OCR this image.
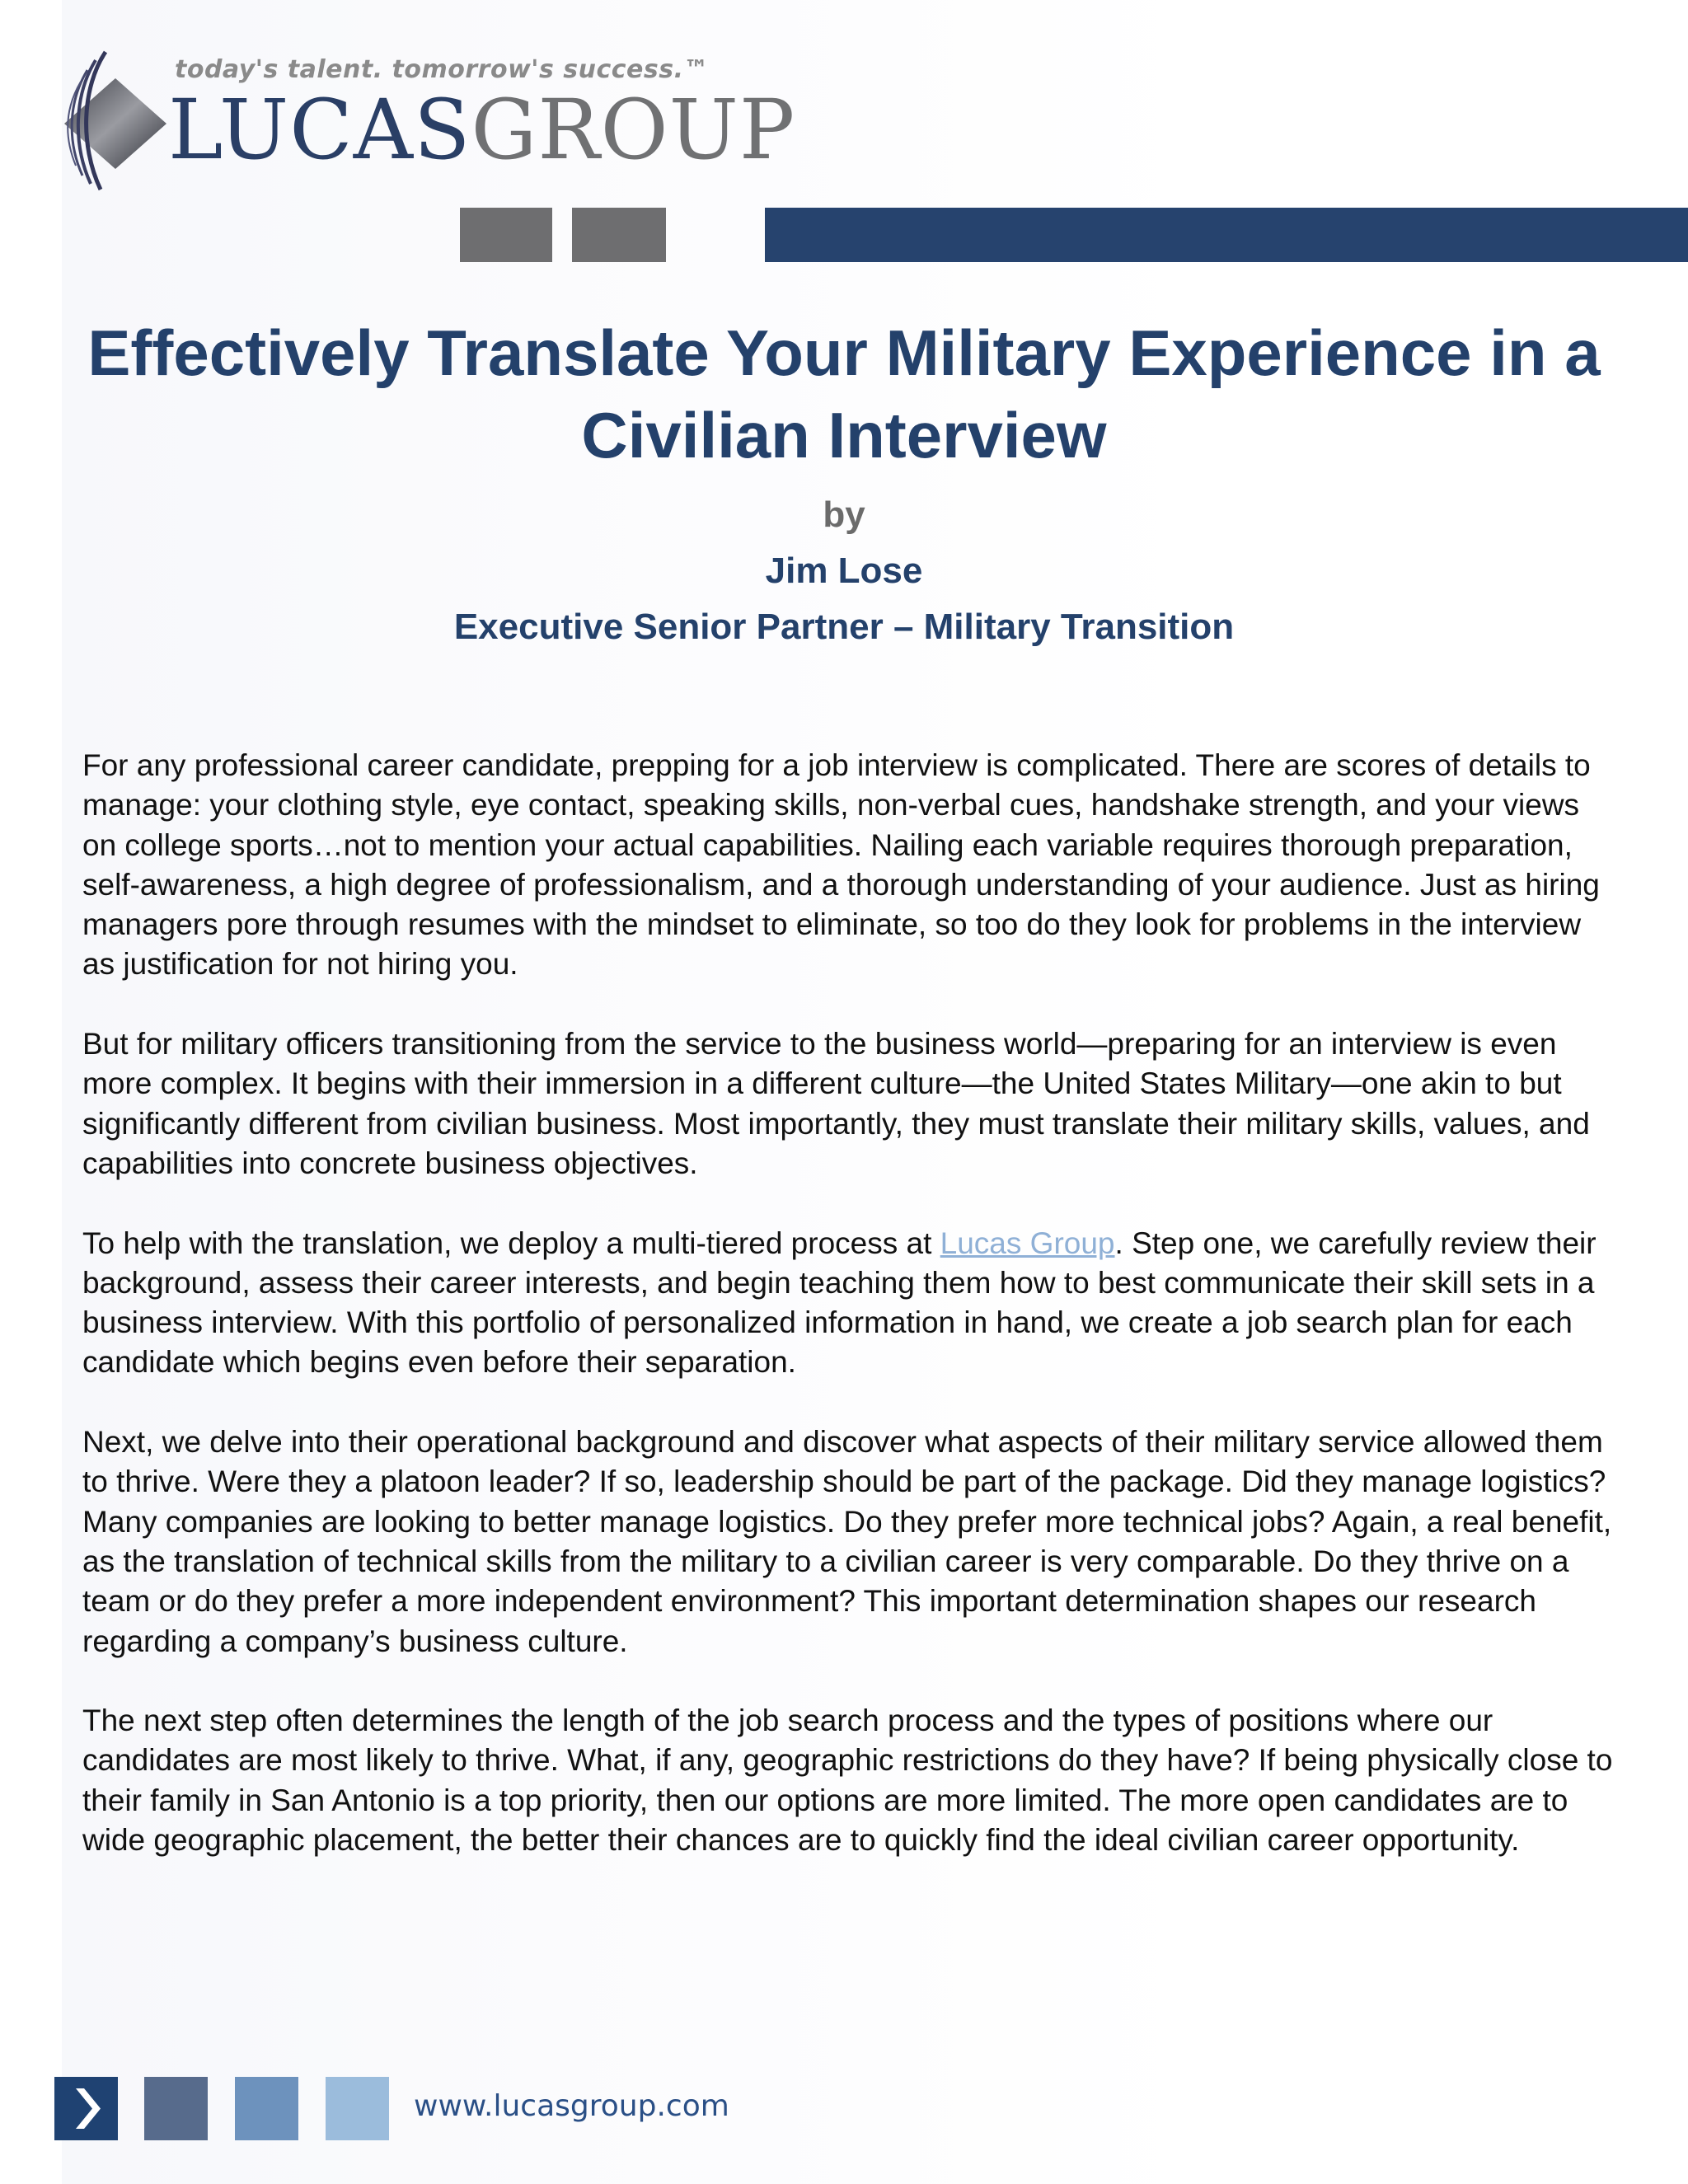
today's talent. tomorrow's success.™
LUCASGROUP
Effectively Translate Your Military Experience in a Civilian Interview
by
Jim Lose
Executive Senior Partner – Military Transition

For any professional career candidate, prepping for a job interview is complicated. There are scores of details to manage: your clothing style, eye contact, speaking skills, non-verbal cues, handshake strength, and your views on college sports…not to mention your actual capabilities. Nailing each variable requires thorough preparation, self-awareness, a high degree of professionalism, and a thorough understanding of your audience. Just as hiring managers pore through resumes with the mindset to eliminate, so too do they look for problems in the interview as justification for not hiring you.

But for military officers transitioning from the service to the business world—preparing for an interview is even more complex. It begins with their immersion in a different culture—the United States Military—one akin to but significantly different from civilian business. Most importantly, they must translate their military skills, values, and capabilities into concrete business objectives.

To help with the translation, we deploy a multi-tiered process at Lucas Group. Step one, we carefully review their background, assess their career interests, and begin teaching them how to best communicate their skill sets in a business interview. With this portfolio of personalized information in hand, we create a job search plan for each candidate which begins even before their separation.

Next, we delve into their operational background and discover what aspects of their military service allowed them to thrive. Were they a platoon leader? If so, leadership should be part of the package. Did they manage logistics? Many companies are looking to better manage logistics. Do they prefer more technical jobs? Again, a real benefit, as the translation of technical skills from the military to a civilian career is very comparable. Do they thrive on a team or do they prefer a more independent environment? This important determination shapes our research regarding a company’s business culture.

The next step often determines the length of the job search process and the types of positions where our candidates are most likely to thrive. What, if any, geographic restrictions do they have? If being physically close to their family in San Antonio is a top priority, then our options are more limited. The more open candidates are to wide geographic placement, the better their chances are to quickly find the ideal civilian career opportunity.

www.lucasgroup.com
